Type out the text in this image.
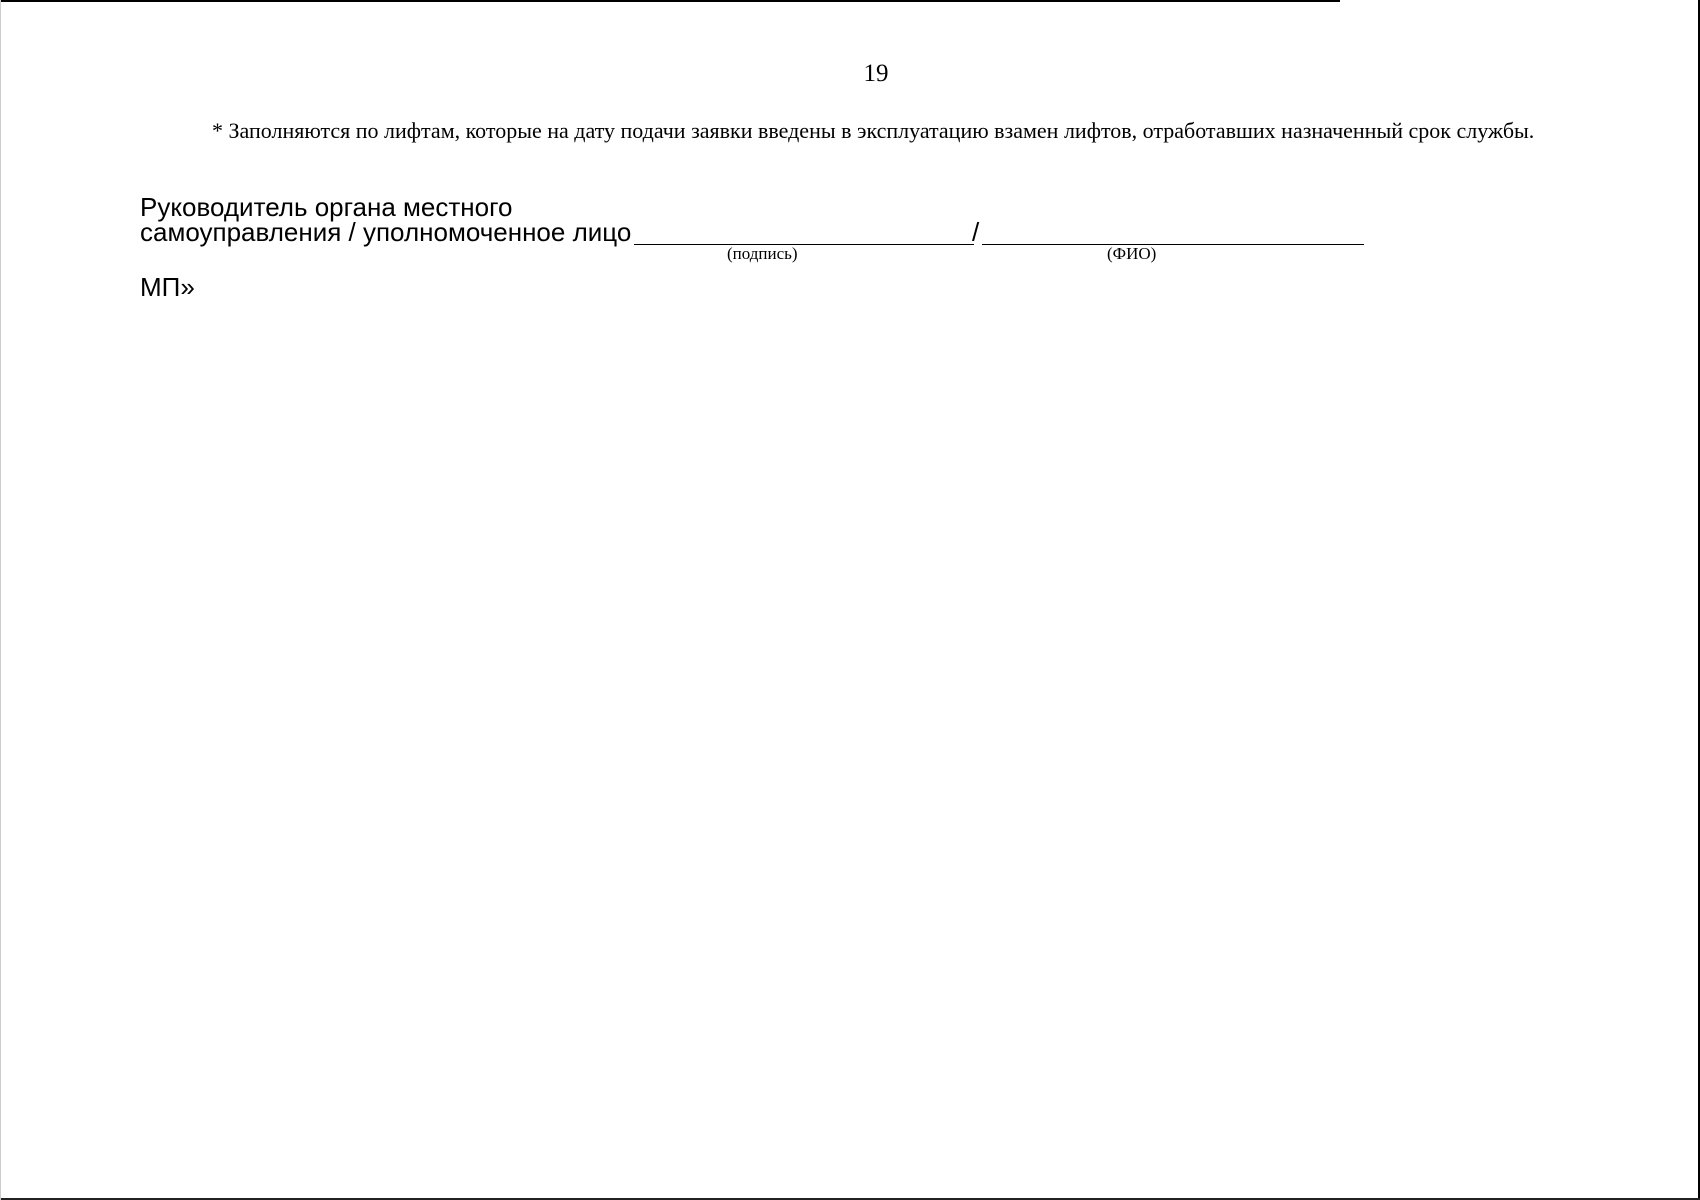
19

* Заполняются по лифтам, которые на дату подачи заявки введены в эксплуатацию взамен лифтов, отработавших назначенный срок службы.

Руководитель органа местного
самоуправления / уполномоченное лицо	/
(подпись)	(ФИО)
МП»
